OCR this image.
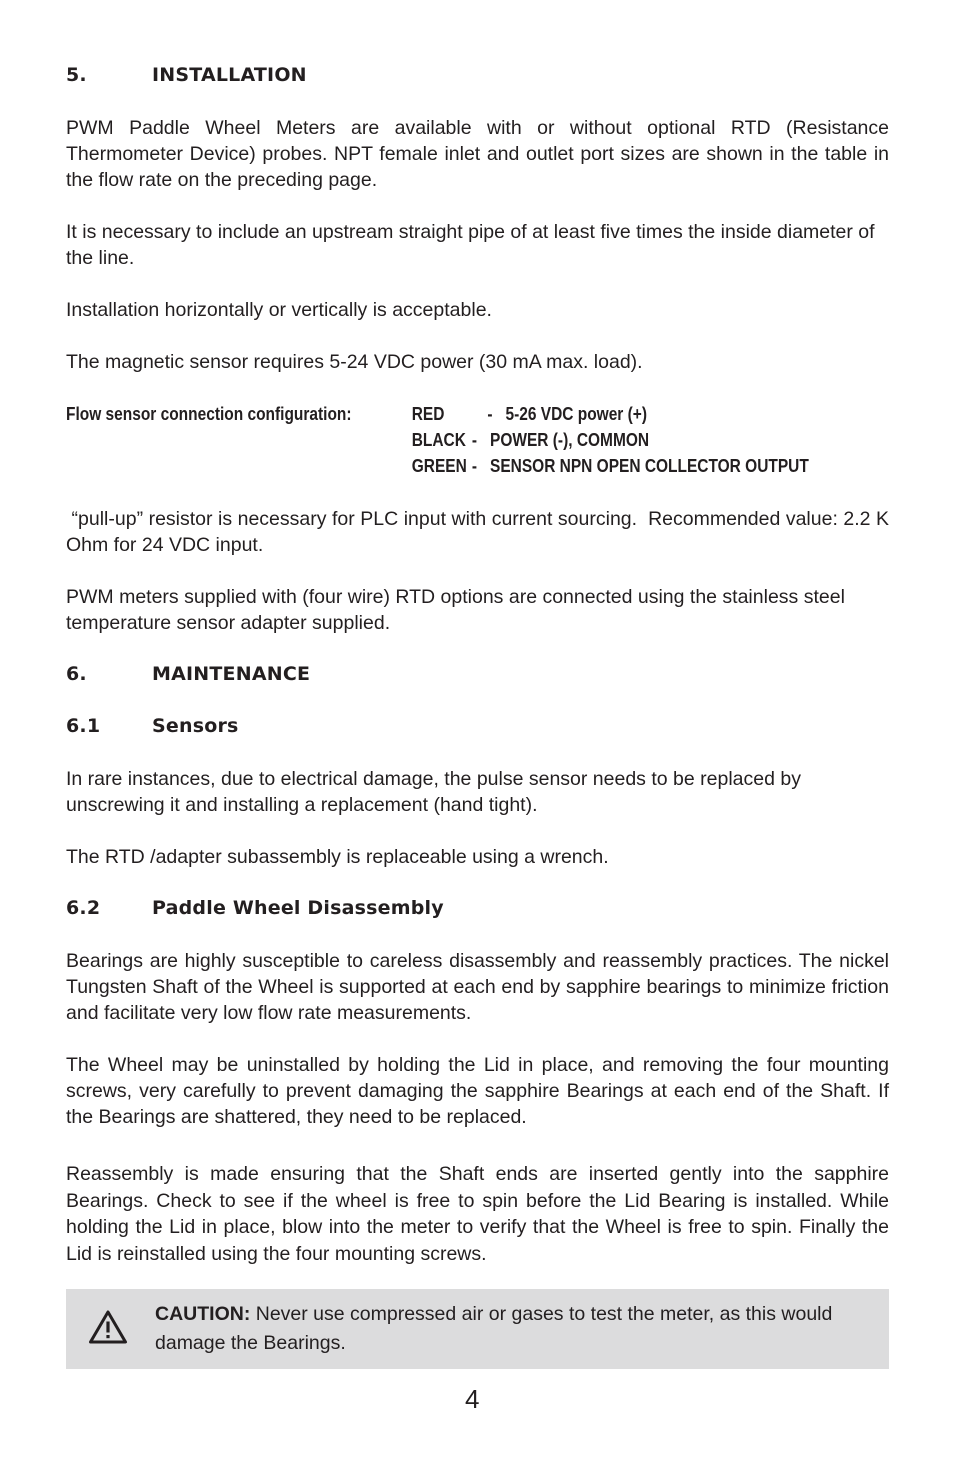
5.	INSTALLATION

PWM Paddle Wheel Meters are available with or without optional RTD (Resistance Thermometer Device) probes. NPT female inlet and outlet port sizes are shown in the table in the flow rate on the preceding page.

It is necessary to include an upstream straight pipe of at least five times the inside diameter of the line.

Installation horizontally or vertically is acceptable.

The magnetic sensor requires 5-24 VDC power (30 mA max. load).

Flow sensor connection configuration:	RED - 5-26 VDC power (+)
BLACK - POWER (-), COMMON
GREEN - SENSOR NPN OPEN COLLECTOR OUTPUT

“pull-up” resistor is necessary for PLC input with current sourcing.  Recommended value: 2.2 K Ohm for 24 VDC input.

PWM meters supplied with (four wire) RTD options are connected using the stainless steel temperature sensor adapter supplied.

6.	MAINTENANCE
6.1	Sensors

In rare instances, due to electrical damage, the pulse sensor needs to be replaced by unscrewing it and installing a replacement (hand tight).

The RTD /adapter subassembly is replaceable using a wrench.

6.2	Paddle Wheel Disassembly

Bearings are highly susceptible to careless disassembly and reassembly practices. The nickel Tungsten Shaft of the Wheel is supported at each end by sapphire bearings to minimize friction and facilitate very low flow rate measurements.

The Wheel may be uninstalled by holding the Lid in place, and removing the four mounting screws, very carefully to prevent damaging the sapphire Bearings at each end of the Shaft. If the Bearings are shattered, they need to be replaced.

Reassembly is made ensuring that the Shaft ends are inserted gently into the sapphire Bearings. Check to see if the wheel is free to spin before the Lid Bearing is installed. While holding the Lid in place, blow into the meter to verify that the Wheel is free to spin. Finally the Lid is reinstalled using the four mounting screws.

CAUTION: Never use compressed air or gases to test the meter, as this would damage the Bearings.
4
